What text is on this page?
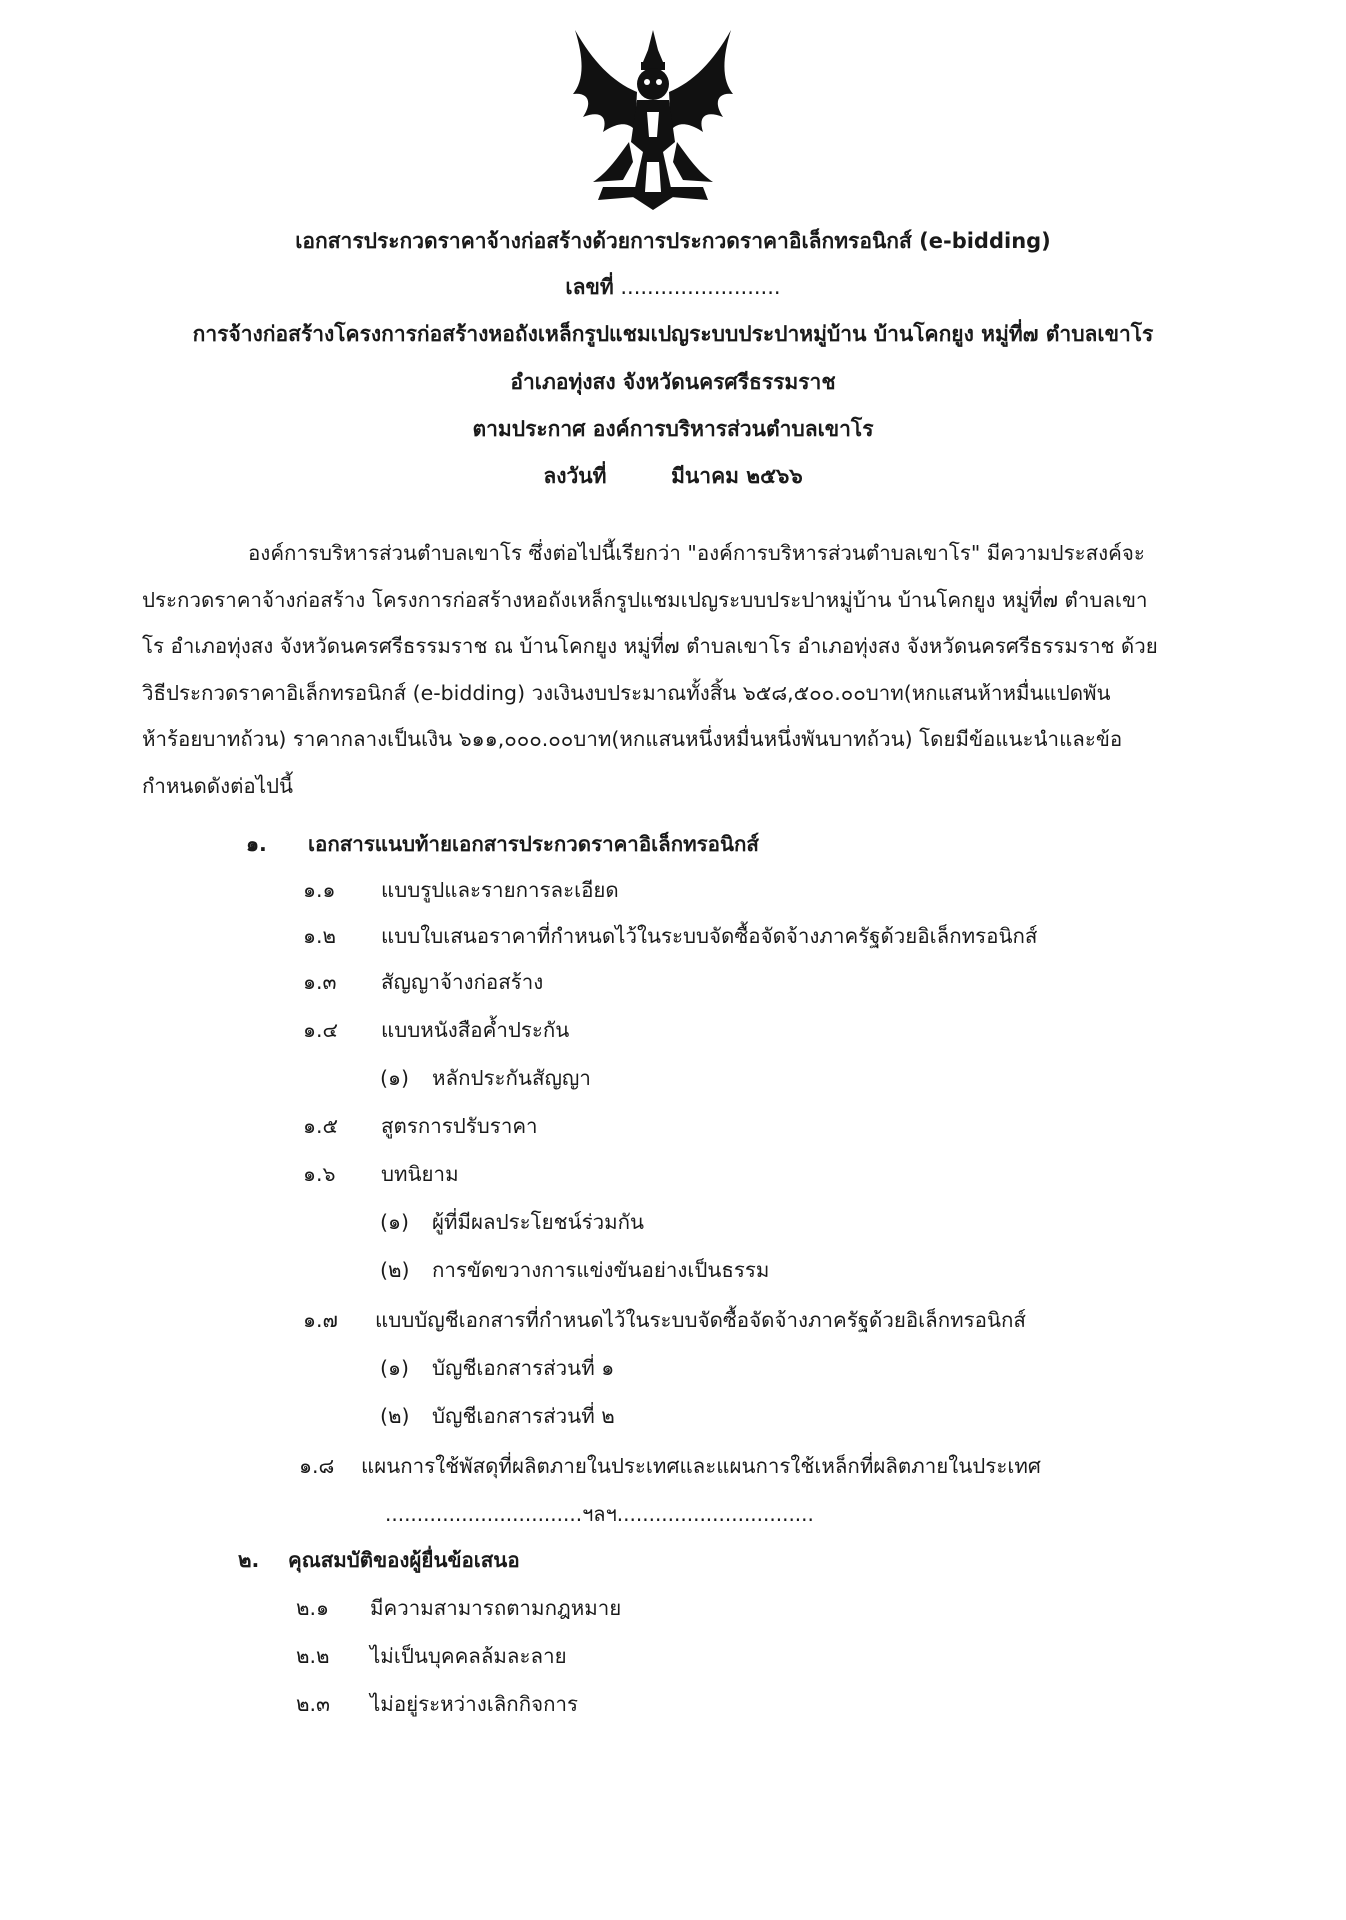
เอกสารประกวดราคาจ้างก่อสร้างด้วยการประกวดราคาอิเล็กทรอนิกส์ (e-bidding)
เลขที่ ........................
การจ้างก่อสร้างโครงการก่อสร้างหอถังเหล็กรูปแชมเปญระบบประปาหมู่บ้าน บ้านโคกยูง หมู่ที่๗ ตำบลเขาโร
อำเภอทุ่งสง จังหวัดนครศรีธรรมราช
ตามประกาศ องค์การบริหารส่วนตำบลเขาโร
ลงวันที่	มีนาคม ๒๕๖๖
องค์การบริหารส่วนตำบลเขาโร ซึ่งต่อไปนี้เรียกว่า "องค์การบริหารส่วนตำบลเขาโร" มีความประสงค์จะ
ประกวดราคาจ้างก่อสร้าง โครงการก่อสร้างหอถังเหล็กรูปแชมเปญระบบประปาหมู่บ้าน บ้านโคกยูง หมู่ที่๗ ตำบลเขา
โร อำเภอทุ่งสง จังหวัดนครศรีธรรมราช ณ บ้านโคกยูง หมู่ที่๗ ตำบลเขาโร อำเภอทุ่งสง จังหวัดนครศรีธรรมราช ด้วย
วิธีประกวดราคาอิเล็กทรอนิกส์ (e-bidding) วงเงินงบประมาณทั้งสิ้น ๖๕๘,๕๐๐.๐๐บาท(หกแสนห้าหมื่นแปดพัน
ห้าร้อยบาทถ้วน) ราคากลางเป็นเงิน ๖๑๑,๐๐๐.๐๐บาท(หกแสนหนึ่งหมื่นหนึ่งพันบาทถ้วน) โดยมีข้อแนะนำและข้อ
กำหนดดังต่อไปนี้
๑. เอกสารแนบท้ายเอกสารประกวดราคาอิเล็กทรอนิกส์
๑.๑ แบบรูปและรายการละเอียด
๑.๒ แบบใบเสนอราคาที่กำหนดไว้ในระบบจัดซื้อจัดจ้างภาครัฐด้วยอิเล็กทรอนิกส์
๑.๓ สัญญาจ้างก่อสร้าง
๑.๔ แบบหนังสือค้ำประกัน
(๑) หลักประกันสัญญา
๑.๕ สูตรการปรับราคา
๑.๖ บทนิยาม
(๑) ผู้ที่มีผลประโยชน์ร่วมกัน
(๒) การขัดขวางการแข่งขันอย่างเป็นธรรม
๑.๗ แบบบัญชีเอกสารที่กำหนดไว้ในระบบจัดซื้อจัดจ้างภาครัฐด้วยอิเล็กทรอนิกส์
(๑) บัญชีเอกสารส่วนที่ ๑
(๒) บัญชีเอกสารส่วนที่ ๒
๑.๘ แผนการใช้พัสดุที่ผลิตภายในประเทศและแผนการใช้เหล็กที่ผลิตภายในประเทศ
...............................ฯลฯ...............................
๒. คุณสมบัติของผู้ยื่นข้อเสนอ
๒.๑ มีความสามารถตามกฎหมาย
๒.๒ ไม่เป็นบุคคลล้มละลาย
๒.๓ ไม่อยู่ระหว่างเลิกกิจการ
